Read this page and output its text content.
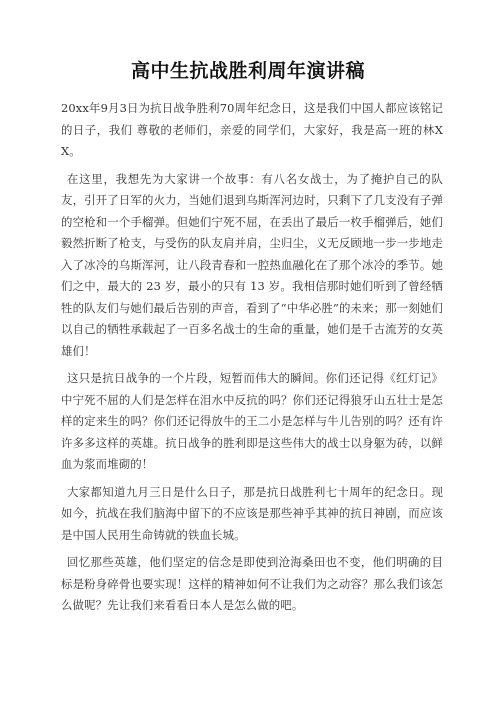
高中生抗战胜利周年演讲稿

20xx年9月3日为抗日战争胜利70周年纪念日，这是我们中国人都应该铭记的日子，我们 尊敬的老师们，亲爱的同学们，大家好，我是高一班的林XX。

在这里，我想先为大家讲一个故事：有八名女战士，为了掩护自己的队友，引开了日军的火力，当她们退到乌斯浑河边时，只剩下了几支没有子弹的空枪和一个手榴弹。但她们宁死不屈，在丢出了最后一枚手榴弹后，她们毅然折断了枪支，与受伤的队友肩并肩，尘归尘，义无反顾地一步一步地走入了冰冷的乌斯浑河，让八段青春和一腔热血融化在了那个冰冷的季节。她们之中，最大的 23 岁，最小的只有 13 岁。我相信那时她们听到了曾经牺牲的队友们与她们最后告别的声音，看到了“中华必胜”的未来；那一刻她们以自己的牺牲承载起了一百多名战士的生命的重量，她们是千古流芳的女英雄们！

这只是抗日战争的一个片段，短暂而伟大的瞬间。你们还记得《红灯记》中宁死不屈的人们是怎样在泪水中反抗的吗？你们还记得狼牙山五壮士是怎样的定来生的吗？你们还记得放牛的王二小是怎样与牛儿告别的吗？还有许许多多这样的英雄。抗日战争的胜利即是这些伟大的战士以身躯为砖，以鲜血为浆而堆砌的！

大家都知道九月三日是什么日子，那是抗日战胜利七十周年的纪念日。现如今，抗战在我们脑海中留下的不应该是那些神乎其神的抗日神剧，而应该是中国人民用生命铸就的铁血长城。

回忆那些英雄，他们坚定的信念是即使到沧海桑田也不变，他们明确的目标是粉身碎骨也要实现！这样的精神如何不让我们为之动容？那么我们该怎么做呢？先让我们来看看日本人是怎么做的吧。
